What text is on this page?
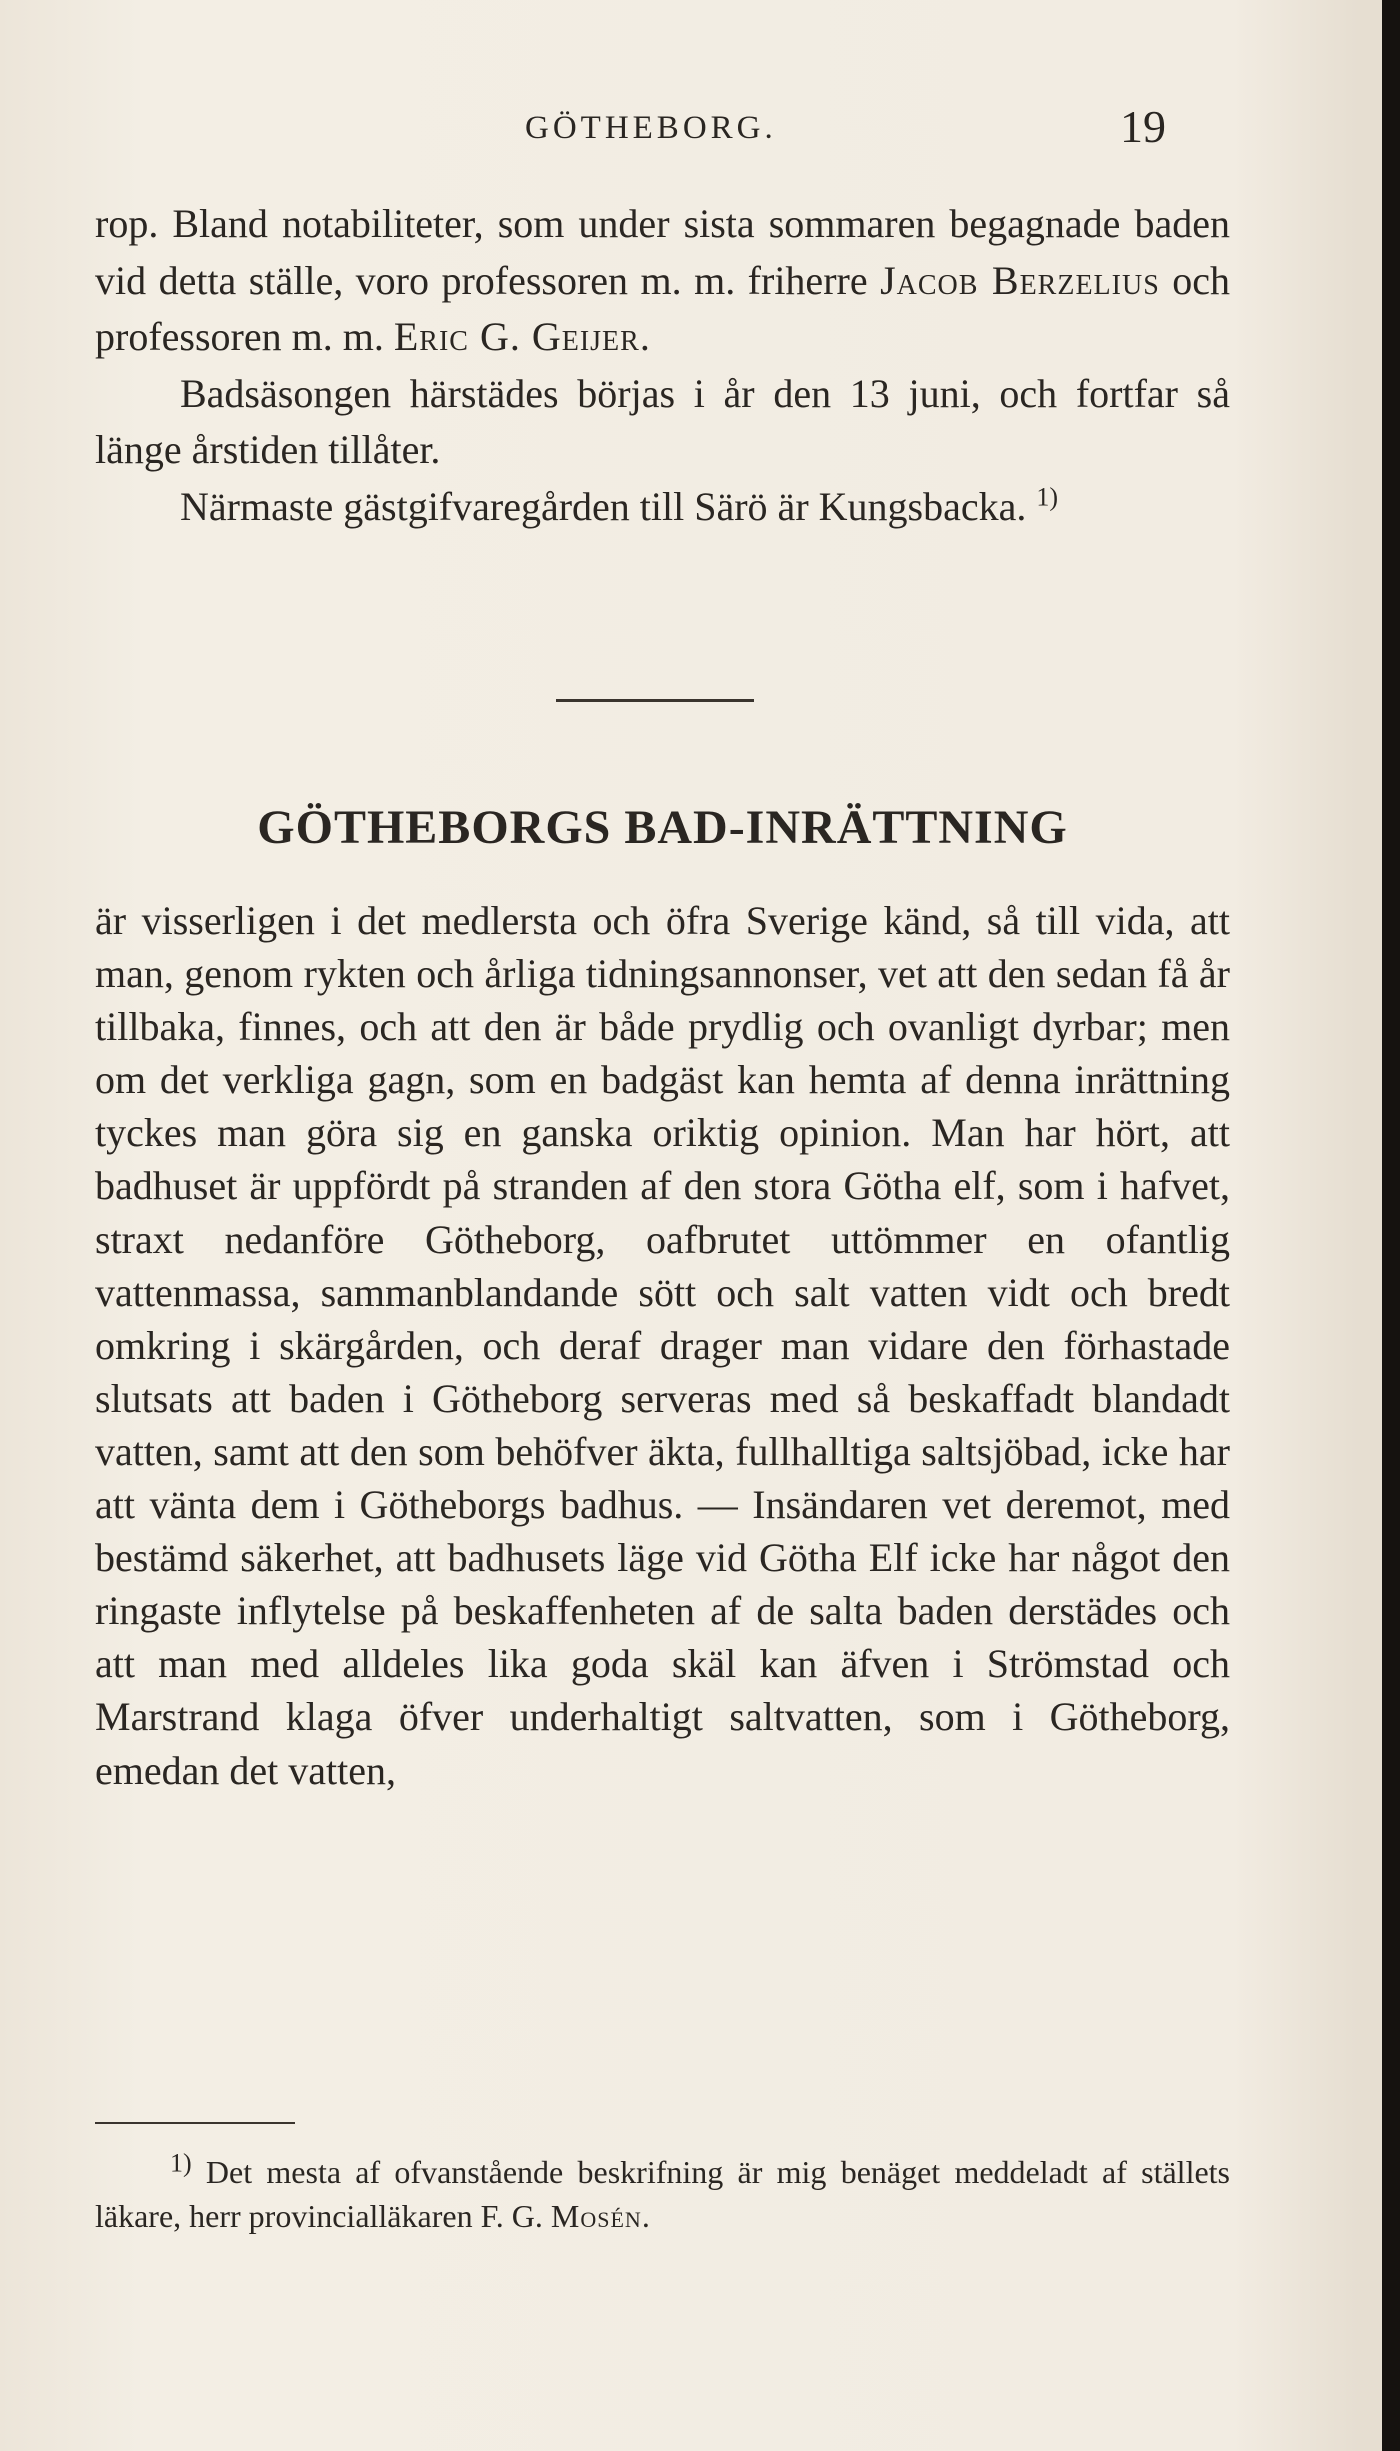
GÖTHEBORG.	19

rop. Bland notabiliteter, som under sista sommaren begagnade baden vid detta ställe, voro professoren m. m. friherre Jacob Berzelius och professoren m. m. Eric G. Geijer.

Badsäsongen härstädes börjas i år den 13 juni, och fortfar så länge årstiden tillåter.

Närmaste gästgifvaregården till Särö är Kungsbacka. $^{1)}$

GÖTHEBORGS BAD-INRÄTTNING

är visserligen i det medlersta och öfra Sverige känd, så till vida, att man, genom rykten och årliga tidningsannonser, vet att den sedan få år tillbaka, finnes, och att den är både prydlig och ovanligt dyrbar; men om det verkliga gagn, som en badgäst kan hemta af denna inrättning tyckes man göra sig en ganska oriktig opinion. Man har hört, att badhuset är uppfördt på stranden af den stora Götha elf, som i hafvet, straxt nedanföre Götheborg, oafbrutet uttömmer en ofantlig vattenmassa, sammanblandande sött och salt vatten vidt och bredt omkring i skärgården, och deraf drager man vidare den förhastade slutsats att baden i Götheborg serveras med så beskaffadt blandadt vatten, samt att den som behöfver äkta, fullhalltiga saltsjöbad, icke har att vänta dem i Götheborgs badhus. — Insändaren vet deremot, med bestämd säkerhet, att badhusets läge vid Götha Elf icke har något den ringaste inflytelse på beskaffenheten af de salta baden derstädes och att man med alldeles lika goda skäl kan äfven i Strömstad och Marstrand klaga öfver underhaltigt saltvatten, som i Götheborg, emedan det vatten,

$^{1)}$ Det mesta af ofvanstående beskrifning är mig benäget meddeladt af ställets läkare, herr provincialläkaren F. G. Mosén.
